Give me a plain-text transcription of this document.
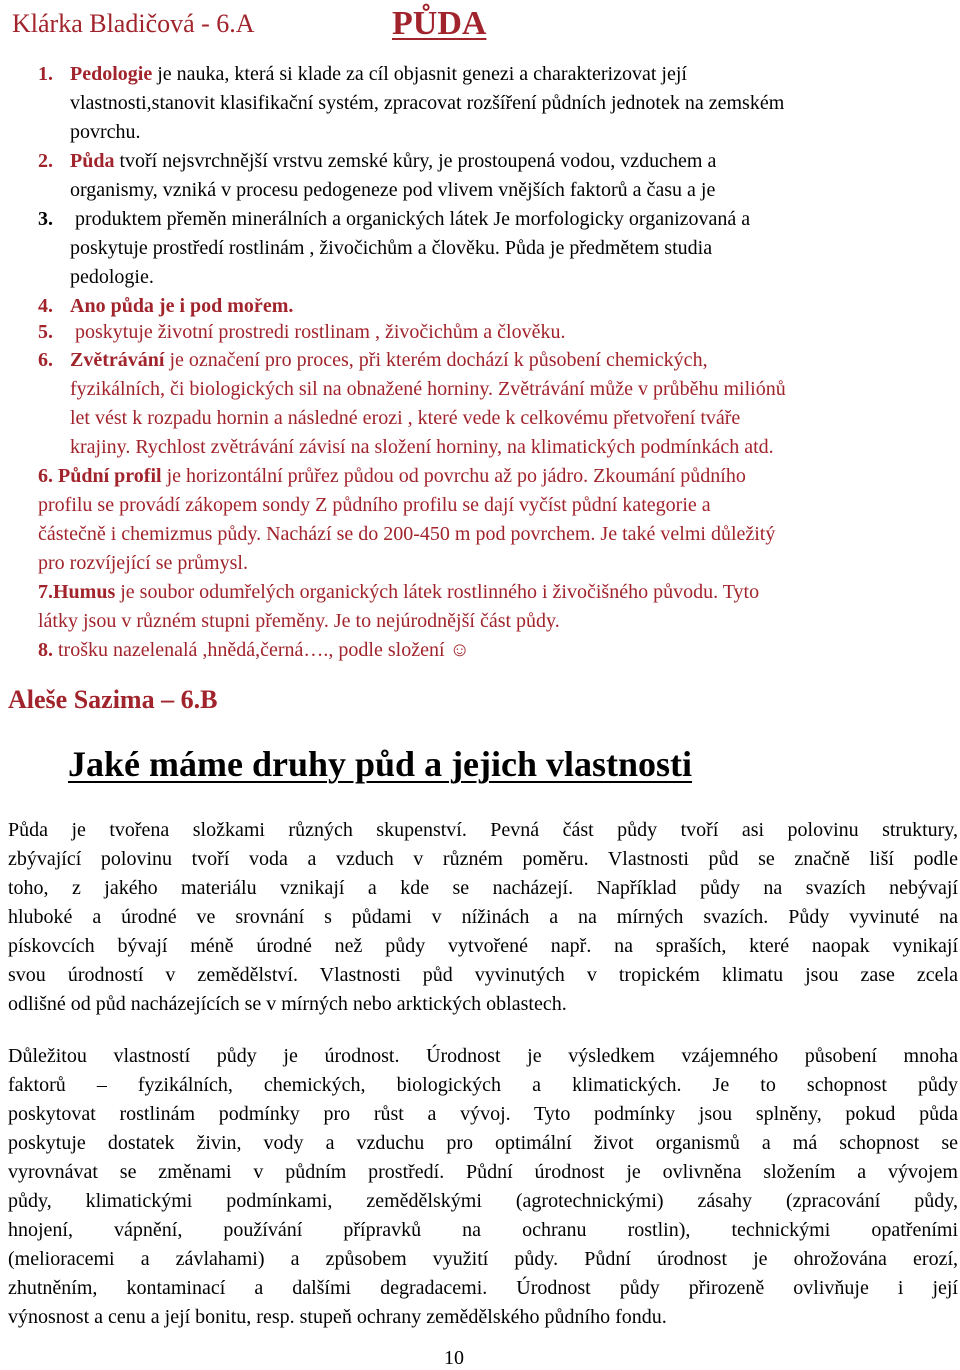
Klárka Bladičová - 6.A	PŮDA
1. Pedologie je nauka, která si klade za cíl objasnit genezi a charakterizovat její
vlastnosti,stanovit klasifikační systém, zpracovat rozšíření půdních jednotek na zemském
povrchu.
2. Půda tvoří nejsvrchnější vrstvu zemské kůry, je prostoupená vodou, vzduchem a
organismy, vzniká v procesu pedogeneze pod vlivem vnějších faktorů a času a je
3. produktem přeměn minerálních a organických látek Je morfologicky organizovaná a
poskytuje prostředí rostlinám , živočichům a člověku. Půda je předmětem studia
pedologie.
4. Ano půda je i pod mořem.
5. poskytuje životní prostredi rostlinam , živočichům a člověku.
6. Zvětrávání je označení pro proces, při kterém dochází k působení chemických,
fyzikálních, či biologických sil na obnažené horniny. Zvětrávání může v průběhu miliónů
let vést k rozpadu hornin a následné erozi , které vede k celkovému přetvoření tváře
krajiny. Rychlost zvětrávání závisí na složení horniny, na klimatických podmínkách atd.
6. Půdní profil je horizontální průřez půdou od povrchu až po jádro. Zkoumání půdního
profilu se provádí zákopem sondy Z půdního profilu se dají vyčíst půdní kategorie a
částečně i chemizmus půdy. Nachází se do 200-450 m pod povrchem. Je také velmi důležitý
pro rozvíjející se průmysl.
7.Humus je soubor odumřelých organických látek rostlinného i živočišného původu. Tyto
látky jsou v různém stupni přeměny. Je to nejúrodnější část půdy.
8. trošku nazelenalá ,hnědá,černá…., podle složení ☺
Aleše Sazima – 6.B
Jaké máme druhy půd a jejich vlastnosti
Půda je tvořena složkami různých skupenství. Pevná část půdy tvoří asi polovinu struktury,
zbývající polovinu tvoří voda a vzduch v různém poměru. Vlastnosti půd se značně liší podle
toho, z jakého materiálu vznikají a kde se nacházejí. Například půdy na svazích nebývají
hluboké a úrodné ve srovnání s půdami v nížinách a na mírných svazích. Půdy vyvinuté na
pískovcích bývají méně úrodné než půdy vytvořené např. na spraších, které naopak vynikají
svou úrodností v zemědělství. Vlastnosti půd vyvinutých v tropickém klimatu jsou zase zcela
odlišné od půd nacházejících se v mírných nebo arktických oblastech.
Důležitou vlastností půdy je úrodnost. Úrodnost je výsledkem vzájemného působení mnoha
faktorů – fyzikálních, chemických, biologických a klimatických. Je to schopnost půdy
poskytovat rostlinám podmínky pro růst a vývoj. Tyto podmínky jsou splněny, pokud půda
poskytuje dostatek živin, vody a vzduchu pro optimální život organismů a má schopnost se
vyrovnávat se změnami v půdním prostředí. Půdní úrodnost je ovlivněna složením a vývojem
půdy, klimatickými podmínkami, zemědělskými (agrotechnickými) zásahy (zpracování půdy,
hnojení, vápnění, používání přípravků na ochranu rostlin), technickými opatřeními
(melioracemi a závlahami) a způsobem využití půdy. Půdní úrodnost je ohrožována erozí,
zhutněním, kontaminací a dalšími degradacemi. Úrodnost půdy přirozeně ovlivňuje i její
výnosnost a cenu a její bonitu, resp. stupeň ochrany zemědělského půdního fondu.
10
